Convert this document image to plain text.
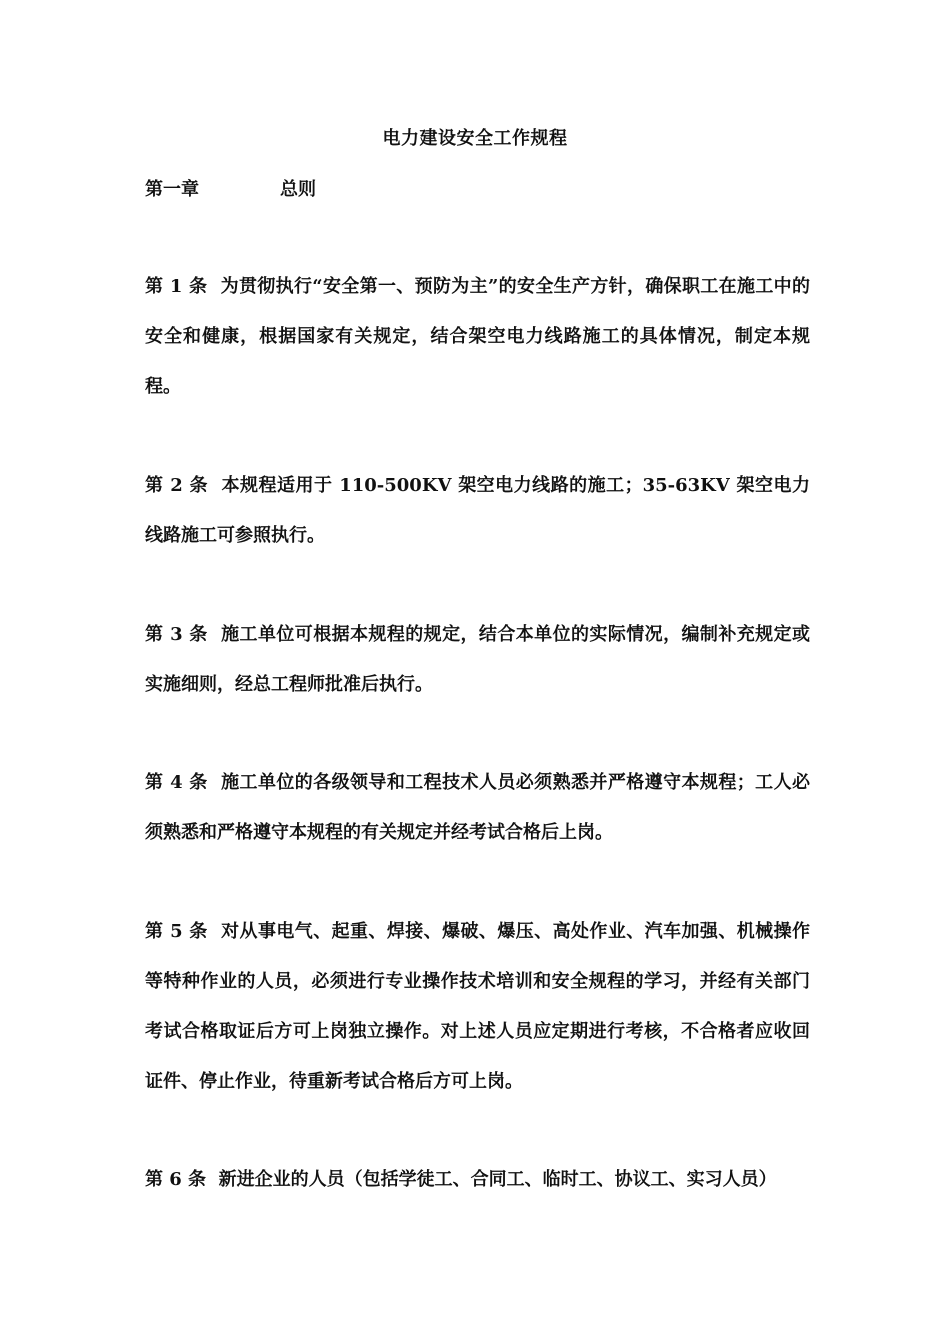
电力建设安全工作规程
第一章	总则

第 1 条 为贯彻执行“安全第一、预防为主”的安全生产方针，确保职工在施工中的安全和健康，根据国家有关规定，结合架空电力线路施工的具体情况，制定本规程。

第 2 条 本规程适用于 110-500KV 架空电力线路的施工；35-63KV 架空电力线路施工可参照执行。

第 3 条 施工单位可根据本规程的规定，结合本单位的实际情况，编制补充规定或实施细则，经总工程师批准后执行。

第 4 条 施工单位的各级领导和工程技术人员必须熟悉并严格遵守本规程；工人必须熟悉和严格遵守本规程的有关规定并经考试合格后上岗。

第 5 条 对从事电气、起重、焊接、爆破、爆压、高处作业、汽车加强、机械操作等特种作业的人员，必须进行专业操作技术培训和安全规程的学习，并经有关部门考试合格取证后方可上岗独立操作。对上述人员应定期进行考核，不合格者应收回证件、停止作业，待重新考试合格后方可上岗。

第 6 条 新进企业的人员（包括学徒工、合同工、临时工、协议工、实习人员）
